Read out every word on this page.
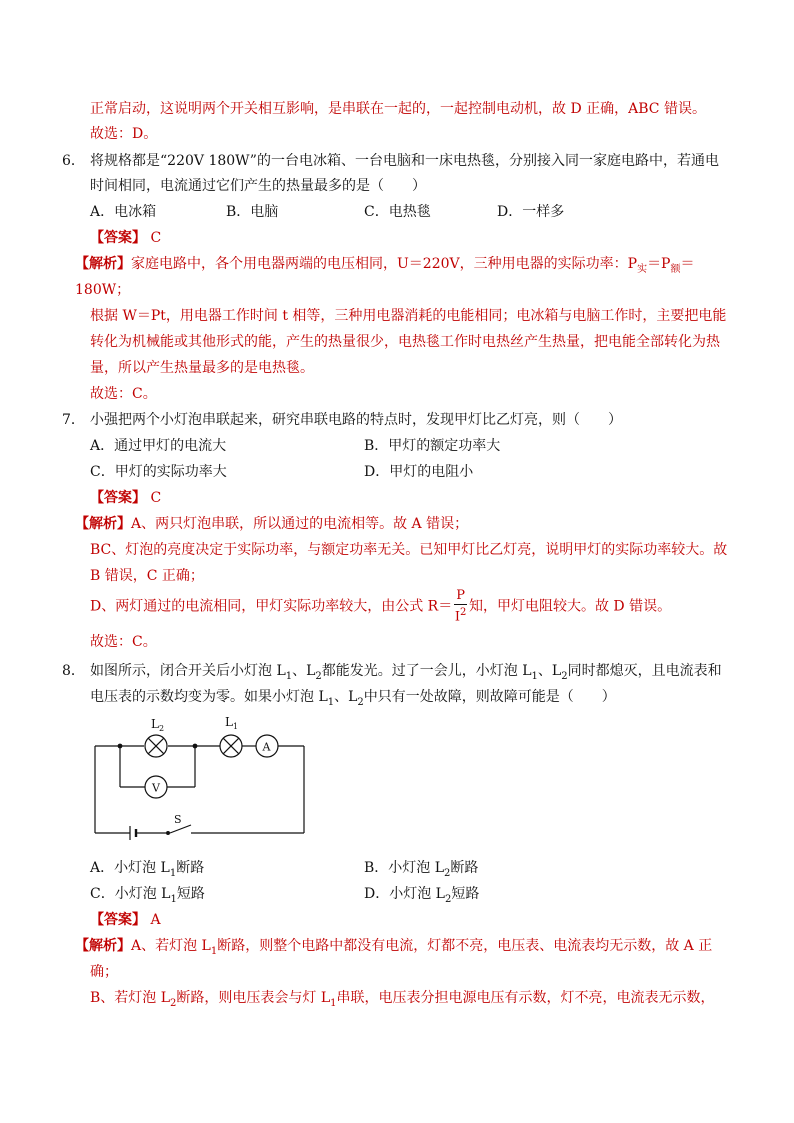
正常启动，这说明两个开关相互影响，是串联在一起的，一起控制电动机，故 D 正确，ABC 错误。
故选：D。
6． 将规格都是“220V 180W”的一台电冰箱、一台电脑和一床电热毯，分别接入同一家庭电路中，若通电
时间相同，电流通过它们产生的热量最多的是（　　）
A．电冰箱	B．电脑	C．电热毯	D．一样多
【答案】 C
【解析】家庭电路中，各个用电器两端的电压相同，U＝220V，三种用电器的实际功率：$P_实=P_额=$
180W；
根据 W＝Pt，用电器工作时间 t 相等，三种用电器消耗的电能相同；电冰箱与电脑工作时，主要把电能
转化为机械能或其他形式的能，产生的热量很少，电热毯工作时电热丝产生热量，把电能全部转化为热
量，所以产生热量最多的是电热毯。
故选：C。
7． 小强把两个小灯泡串联起来，研究串联电路的特点时，发现甲灯比乙灯亮，则（　　）
A．通过甲灯的电流大	B．甲灯的额定功率大
C．甲灯的实际功率大	D．甲灯的电阻小
【答案】 C
【解析】A、两只灯泡串联，所以通过的电流相等。故 A 错误；
BC、灯泡的亮度决定于实际功率，与额定功率无关。已知甲灯比乙灯亮，说明甲灯的实际功率较大。故
B 错误，C 正确；
D、两灯通过的电流相同，甲灯实际功率较大，由公式 $R= \frac{P}{I^2}$ 知，甲灯电阻较大。故 D 错误。
故选：C。
8． 如图所示，闭合开关后小灯泡 $L_1$、$L_2$都能发光。过了一会儿，小灯泡 $L_1$、$L_2$同时都熄灭，且电流表和
电压表的示数均变为零。如果小灯泡 $L_1$、$L_2$中只有一处故障，则故障可能是（　　）
$L_2$	$L_1$
A
V
S
A．小灯泡 $L_1$断路	B．小灯泡 $L_2$断路
C．小灯泡 $L_1$短路	D．小灯泡 $L_2$短路
【答案】 A
【解析】A、若灯泡 $L_1$断路，则整个电路中都没有电流，灯都不亮，电压表、电流表均无示数，故 A 正
确；
B、若灯泡 $L_2$断路，则电压表会与灯 $L_1$串联，电压表分担电源电压有示数，灯不亮，电流表无示数，
